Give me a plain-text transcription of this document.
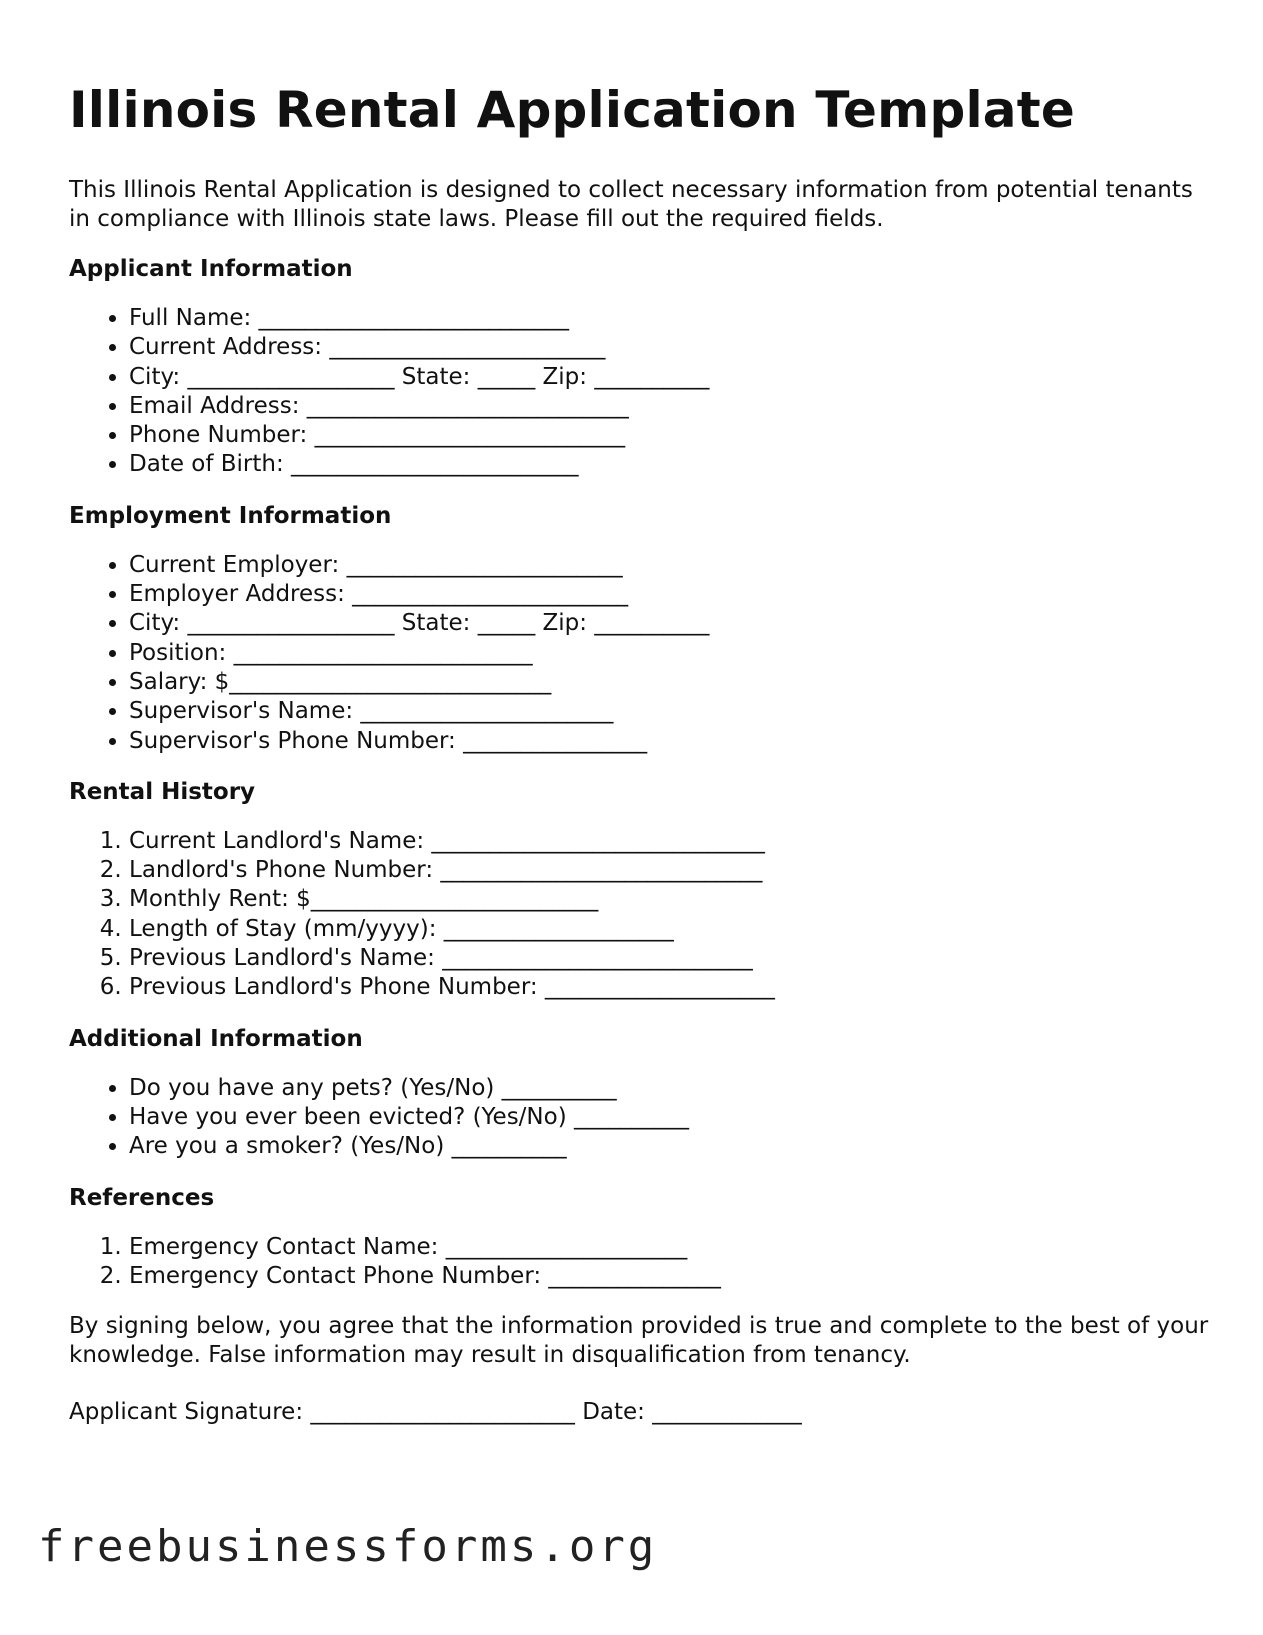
Illinois Rental Application Template

This Illinois Rental Application is designed to collect necessary information from potential tenants in compliance with Illinois state laws. Please fill out the required fields.

Applicant Information
• Full Name: ___________________________
• Current Address: ________________________
• City: __________________ State: _____ Zip: __________
• Email Address: ____________________________
• Phone Number: ___________________________
• Date of Birth: _________________________
Employment Information
• Current Employer: ________________________
• Employer Address: ________________________
• City: __________________ State: _____ Zip: __________
• Position: __________________________
• Salary: $____________________________
• Supervisor's Name: ______________________
• Supervisor's Phone Number: ________________
Rental History
1. Current Landlord's Name: _____________________________
2. Landlord's Phone Number: ____________________________
3. Monthly Rent: $_________________________
4. Length of Stay (mm/yyyy): ____________________
5. Previous Landlord's Name: ___________________________
6. Previous Landlord's Phone Number: ____________________
Additional Information
• Do you have any pets? (Yes/No) __________
• Have you ever been evicted? (Yes/No) __________
• Are you a smoker? (Yes/No) __________
References
1. Emergency Contact Name: _____________________
2. Emergency Contact Phone Number: _______________

By signing below, you agree that the information provided is true and complete to the best of your knowledge. False information may result in disqualification from tenancy.

Applicant Signature: _______________________ Date: _____________
freebusinessforms.org
